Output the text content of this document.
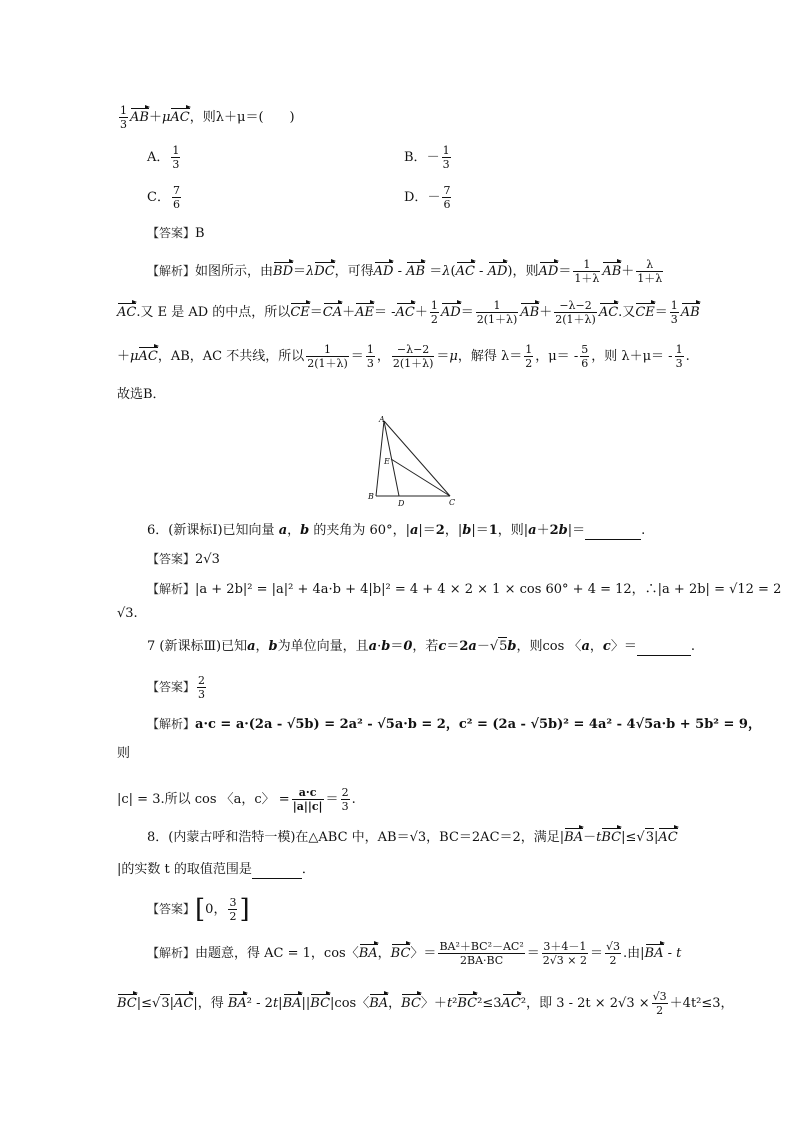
$\frac{1}{3} AB+\mu AC$，则λ＋μ＝(　　)
A． $\frac{1}{3}$	B．－ $\frac{1}{3}$
C． $\frac{7}{6}$	D．－ $\frac{7}{6}$
【答案】B
【解析】如图所示，由BD＝λDC，可得AD - AB ＝λ(AC - AD)，则$AD= \frac{1}{1+\lambda} AB+ \frac{\lambda}{1+\lambda}$
AC.又 E 是 AD 的中点，所以$CE=CA+AE= -AC+ \frac{1}{2} AD= \frac{1}{2(1+\lambda)} AB+ \frac{-\lambda-2}{2(1+\lambda)}$ AC.又$CE= \frac{1}{3}$ AB
＋μAC，AB，AC 不共线，所以 $\frac{1}{2(1+\lambda)} = \frac{1}{3}$ ， $\frac{-\lambda-2}{2(1+\lambda)} =\mu$，解得 $\lambda= \frac{1}{2}$ ，$\mu= - \frac{5}{6}$ ，则 $\lambda+\mu= - \frac{1}{3}$ .
故选B．
A
B
D	C
E
6．(新课标Ⅰ)已知向量 a，b 的夹角为 60°，|a|＝2，|b|＝1，则|a＋2b|＝	.
【答案】2√3
【解析】|a + 2b|² = |a|² + 4a·b + 4|b|² = 4 + 4 × 2 × 1 × cos 60° + 4 = 12，∴|a + 2b| = √12 = 2
√3.
7 (新课标Ⅲ)已知a，b为单位向量，且a·b＝0，若c＝2a－√5b，则cos 〈a，c〉＝	.
【答案】 $\frac{2}{3}$
【解析】a·c = a·(2a - √5b) = 2a² - √5a·b = 2，c² = (2a - √5b)² = 4a² - 4√5a·b + 5b² = 9，
则
|c| = 3.所以 cos 〈a，c〉 = $\frac{a\cdot c}{|a||c|} = \frac{2}{3}$ .
8．(内蒙古呼和浩特一模)在△ABC 中，AB＝√3，BC＝2AC＝2，满足|BA－tBC|≤√3|AC
|的实数 t 的取值范围是	．
【答案】[0， $\frac{3}{2}$ ]
【解析】由题意，得 AC = 1，cos〈BA，BC〉＝ $\frac{\text{BA²＋BC²－AC²}}{2BA\cdot BC} = \frac{3+4-1}{2√3 \times 2} = \frac{√3}{2}$ .由|BA - t
BC|≤√3|AC|，得 BA² - 2t|BA||BC|cos〈BA，BC〉＋t²BC²≤3AC²，即 $3 - 2t \times 2√3 \times \frac{√3}{2} +4t^2\le 3$，
